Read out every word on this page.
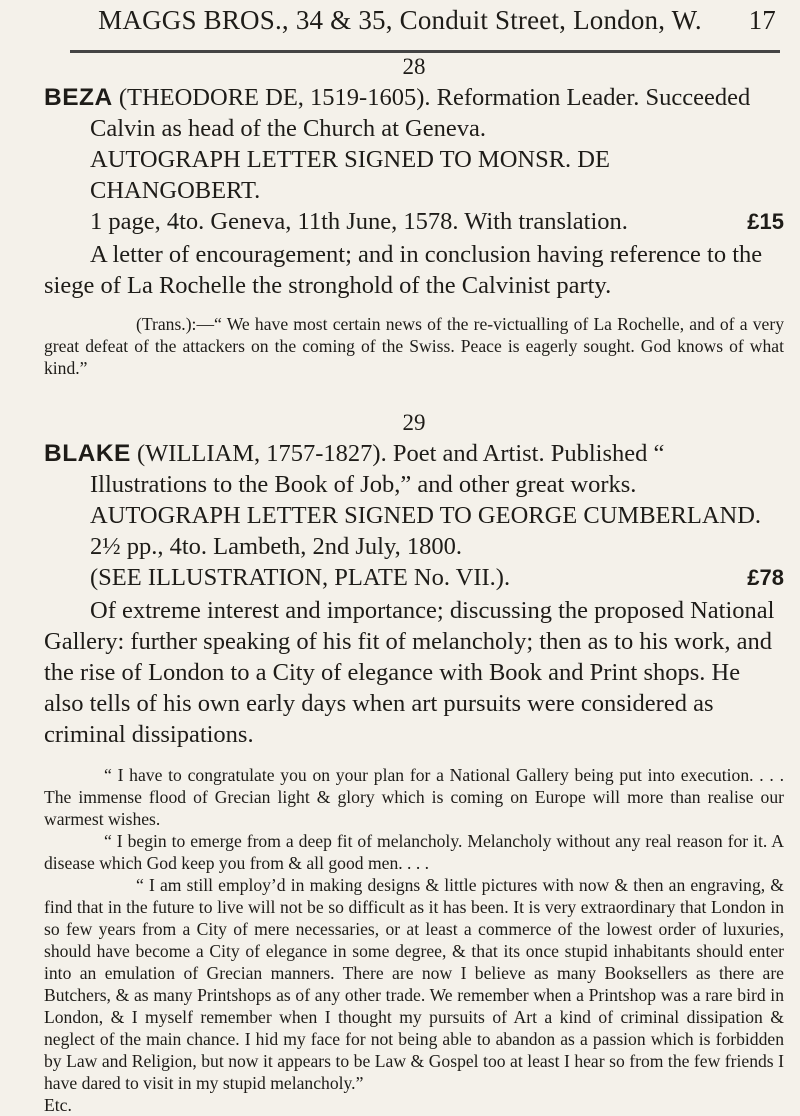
MAGGS BROS., 34 & 35, Conduit Street, London, W. 17
28

BEZA (THEODORE DE, 1519-1605). Reformation Leader. Succeeded Calvin as head of the Church at Geneva.

AUTOGRAPH LETTER SIGNED TO MONSR. DE CHANGOBERT.

£15
1 page, 4to. Geneva, 11th June, 1578. With translation.

A letter of encouragement; and in conclusion having reference to the siege of La Rochelle the stronghold of the Calvinist party.

(Trans.):—“ We have most certain news of the re-victualling of La Rochelle, and of a very great defeat of the attackers on the coming of the Swiss. Peace is eagerly sought. God knows of what kind.”

29

BLAKE (WILLIAM, 1757-1827). Poet and Artist. Published “ Illustrations to the Book of Job,” and other great works.

AUTOGRAPH LETTER SIGNED TO GEORGE CUMBERLAND.

2½ pp., 4to. Lambeth, 2nd July, 1800.

£78
(SEE ILLUSTRATION, PLATE No. VII.).

Of extreme interest and importance; discussing the proposed National Gallery: further speaking of his fit of melancholy; then as to his work, and the rise of London to a City of elegance with Book and Print shops. He also tells of his own early days when art pursuits were considered as criminal dissipations.

“ I have to congratulate you on your plan for a National Gallery being put into execution. . . . The immense flood of Grecian light & glory which is coming on Europe will more than realise our warmest wishes.

“ I begin to emerge from a deep fit of melancholy. Melancholy without any real reason for it. A disease which God keep you from & all good men. . . .

“ I am still employ’d in making designs & little pictures with now & then an engraving, & find that in the future to live will not be so difficult as it has been. It is very extraordinary that London in so few years from a City of mere necessaries, or at least a commerce of the lowest order of luxuries, should have become a City of elegance in some degree, & that its once stupid inhabitants should enter into an emulation of Grecian manners. There are now I believe as many Booksellers as there are Butchers, & as many Printshops as of any other trade. We remember when a Printshop was a rare bird in London, & I myself remember when I thought my pursuits of Art a kind of criminal dissipation & neglect of the main chance. I hid my face for not being able to abandon as a passion which is forbidden by Law and Religion, but now it appears to be Law & Gospel too at least I hear so from the few friends I have dared to visit in my stupid melancholy.”

Etc.
